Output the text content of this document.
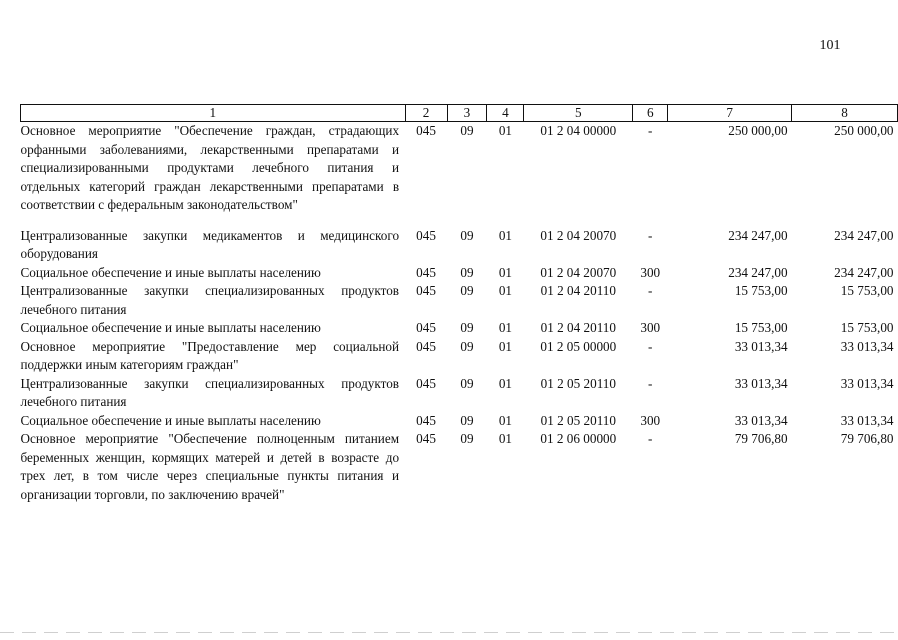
101
1	2	3	4	5	6	7	8
Основное мероприятие "Обеспечение граждан, страдающих орфанными заболеваниями, лекарственными препаратами и специализированными продуктами лечебного питания и отдельных категорий граждан лекарственными препаратами в соответствии с федеральным законодательством"	045	09	01	01 2 04 00000	-	250 000,00	250 000,00
Централизованные закупки медикаментов и медицинского оборудования	045	09	01	01 2 04 20070	-	234 247,00	234 247,00
Социальное обеспечение и иные выплаты населению	045	09	01	01 2 04 20070	300	234 247,00	234 247,00
Централизованные закупки специализированных продуктов лечебного питания	045	09	01	01 2 04 20110	-	15 753,00	15 753,00
Социальное обеспечение и иные выплаты населению	045	09	01	01 2 04 20110	300	15 753,00	15 753,00
Основное мероприятие "Предоставление мер социальной поддержки иным категориям граждан"	045	09	01	01 2 05 00000	-	33 013,34	33 013,34
Централизованные закупки специализированных продуктов лечебного питания	045	09	01	01 2 05 20110	-	33 013,34	33 013,34
Социальное обеспечение и иные выплаты населению	045	09	01	01 2 05 20110	300	33 013,34	33 013,34
Основное мероприятие "Обеспечение полноценным питанием беременных женщин, кормящих матерей и детей в возрасте до трех лет, в том числе через специальные пункты питания и организации торговли, по заключению врачей"	045	09	01	01 2 06 00000	-	79 706,80	79 706,80
